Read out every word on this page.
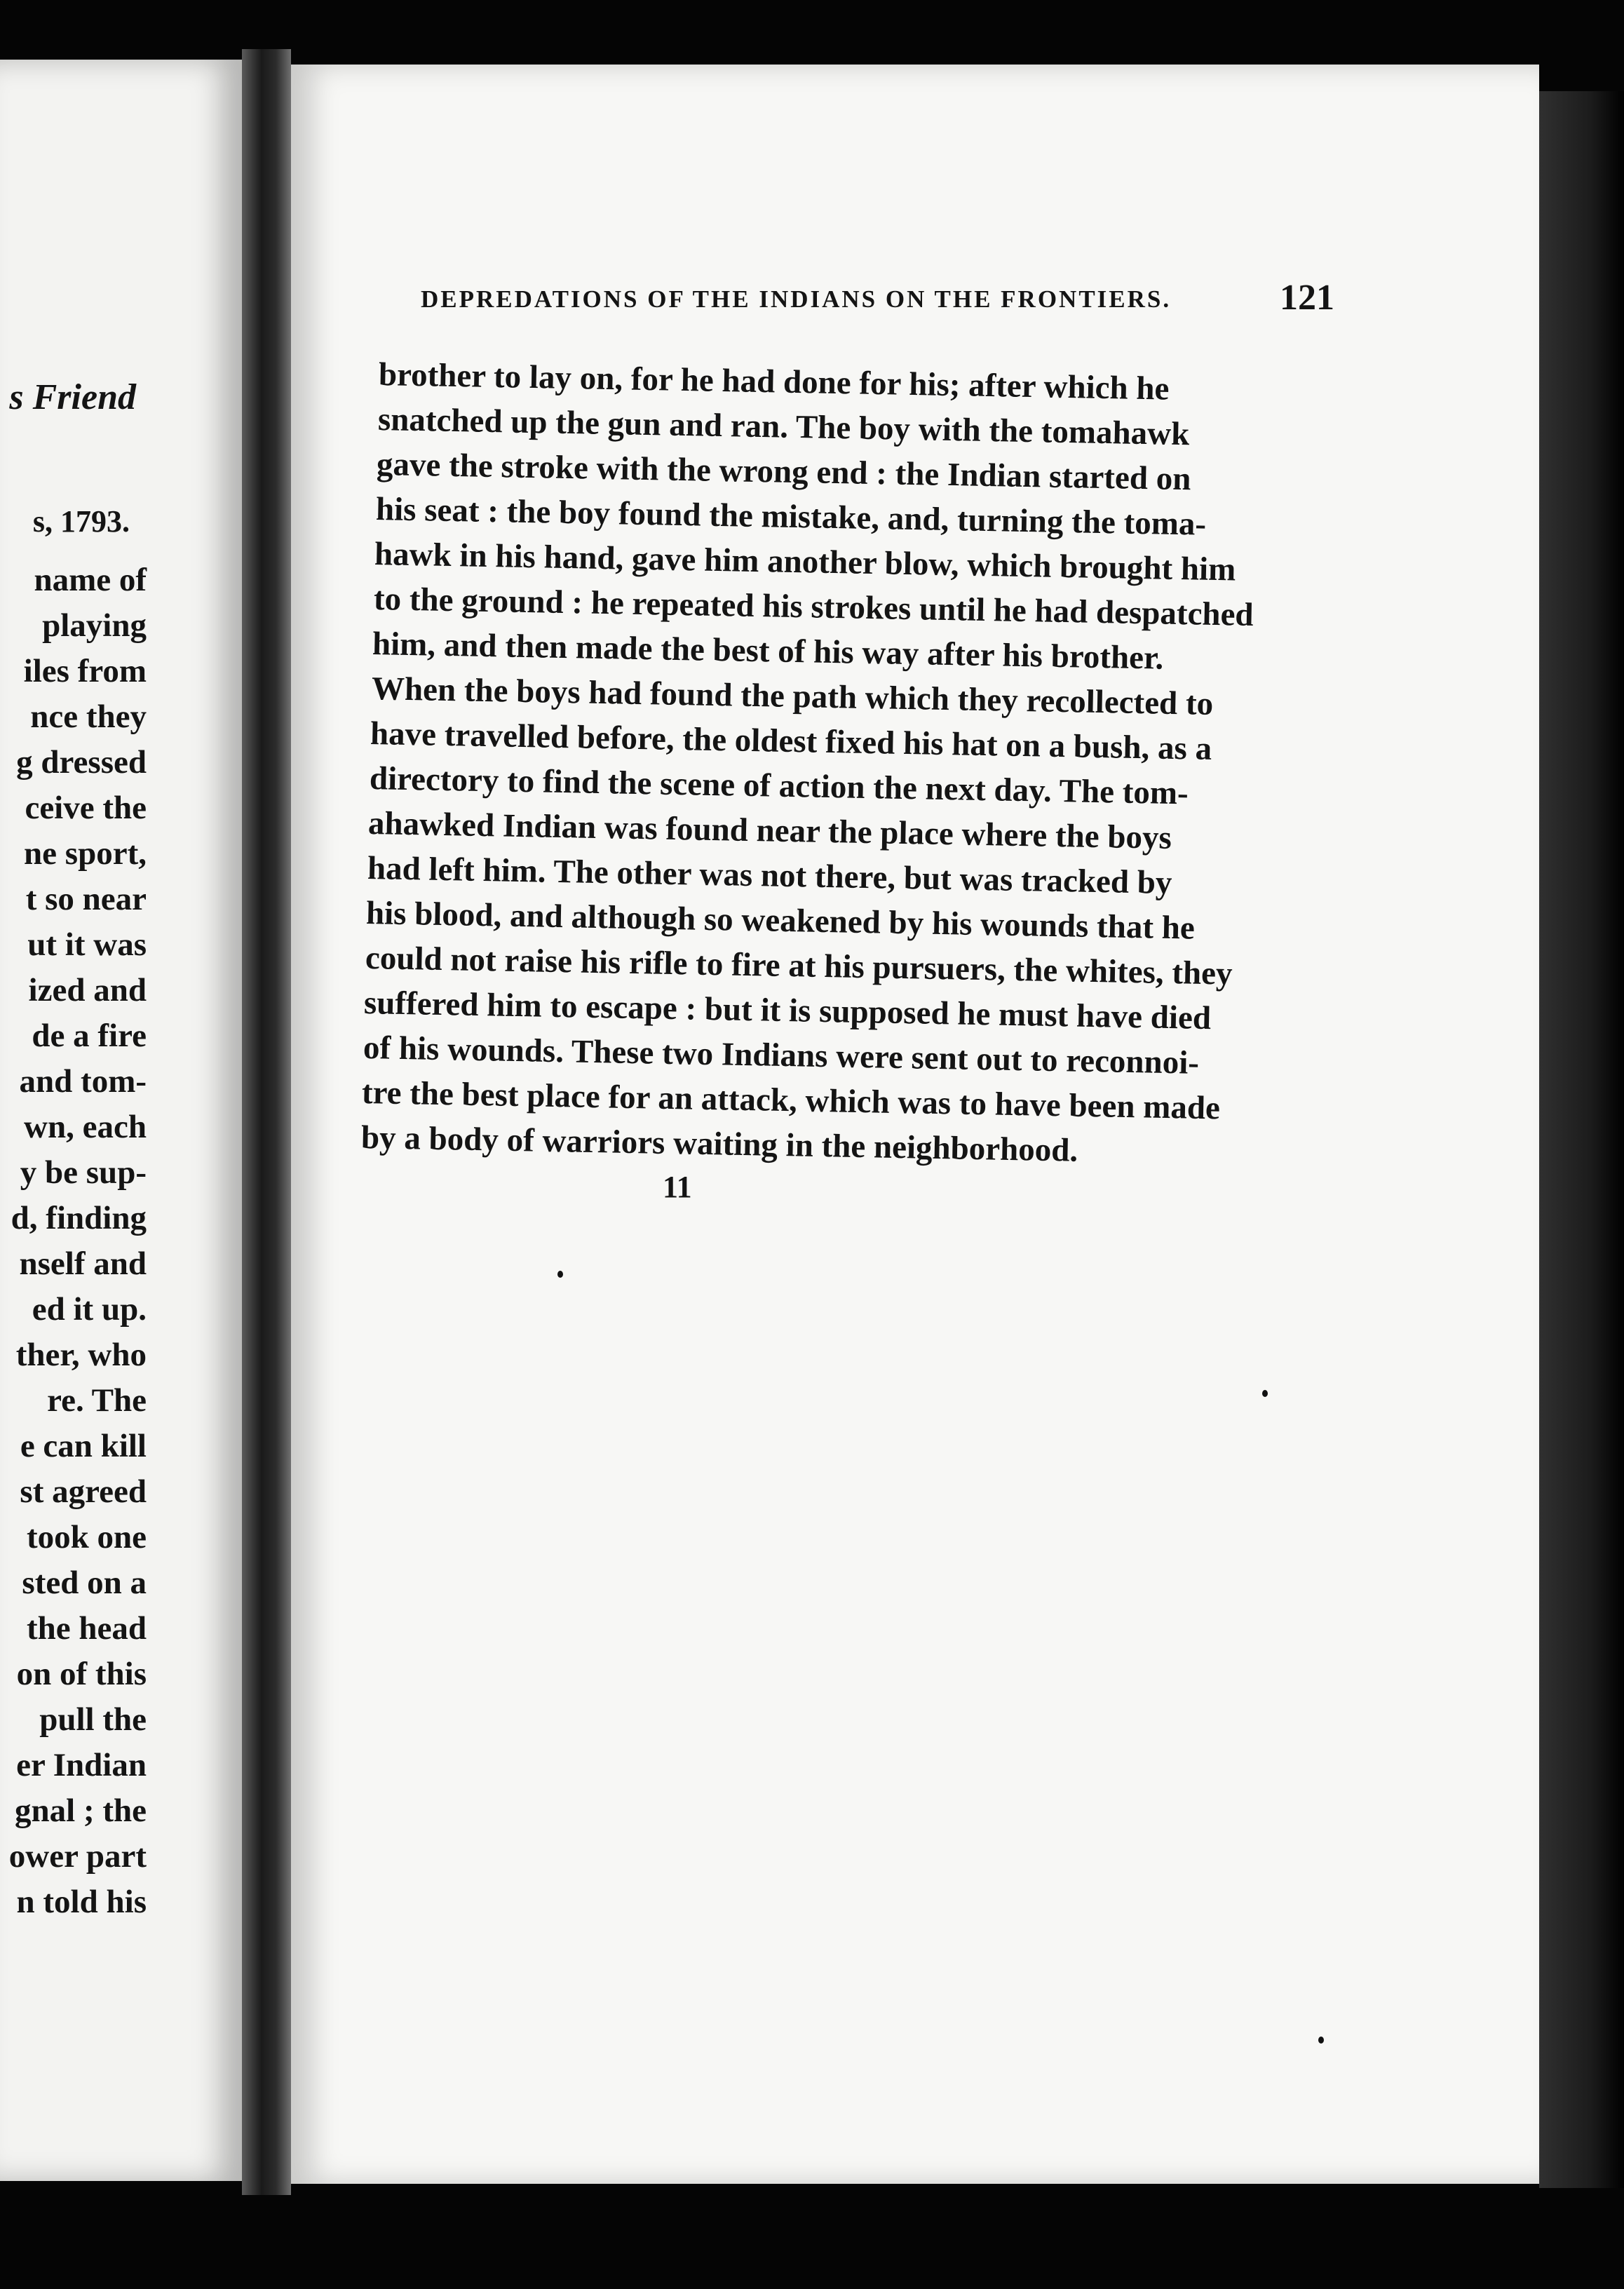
s Friend
s, 1793.
name of
playing
iles from
nce they
g dressed
ceive the
ne sport,
t so near
ut it was
ized and
de a fire
and tom-
wn, each
y be sup-
d, finding
nself and
ed it up.
ther, who
re. The
e can kill
st agreed
took one
sted on a
the head
on of this
pull the
er Indian
gnal ; the
ower part
n told his
DEPREDATIONS OF THE INDIANS ON THE FRONTIERS.	121
brother to lay on, for he had done for his; after which he
snatched up the gun and ran. The boy with the tomahawk
gave the stroke with the wrong end : the Indian started on
his seat : the boy found the mistake, and, turning the toma-
hawk in his hand, gave him another blow, which brought him
to the ground : he repeated his strokes until he had despatched
him, and then made the best of his way after his brother.
When the boys had found the path which they recollected to
have travelled before, the oldest fixed his hat on a bush, as a
directory to find the scene of action the next day. The tom-
ahawked Indian was found near the place where the boys
had left him. The other was not there, but was tracked by
his blood, and although so weakened by his wounds that he
could not raise his rifle to fire at his pursuers, the whites, they
suffered him to escape : but it is supposed he must have died
of his wounds. These two Indians were sent out to reconnoi-
tre the best place for an attack, which was to have been made
by a body of warriors waiting in the neighborhood.
11
